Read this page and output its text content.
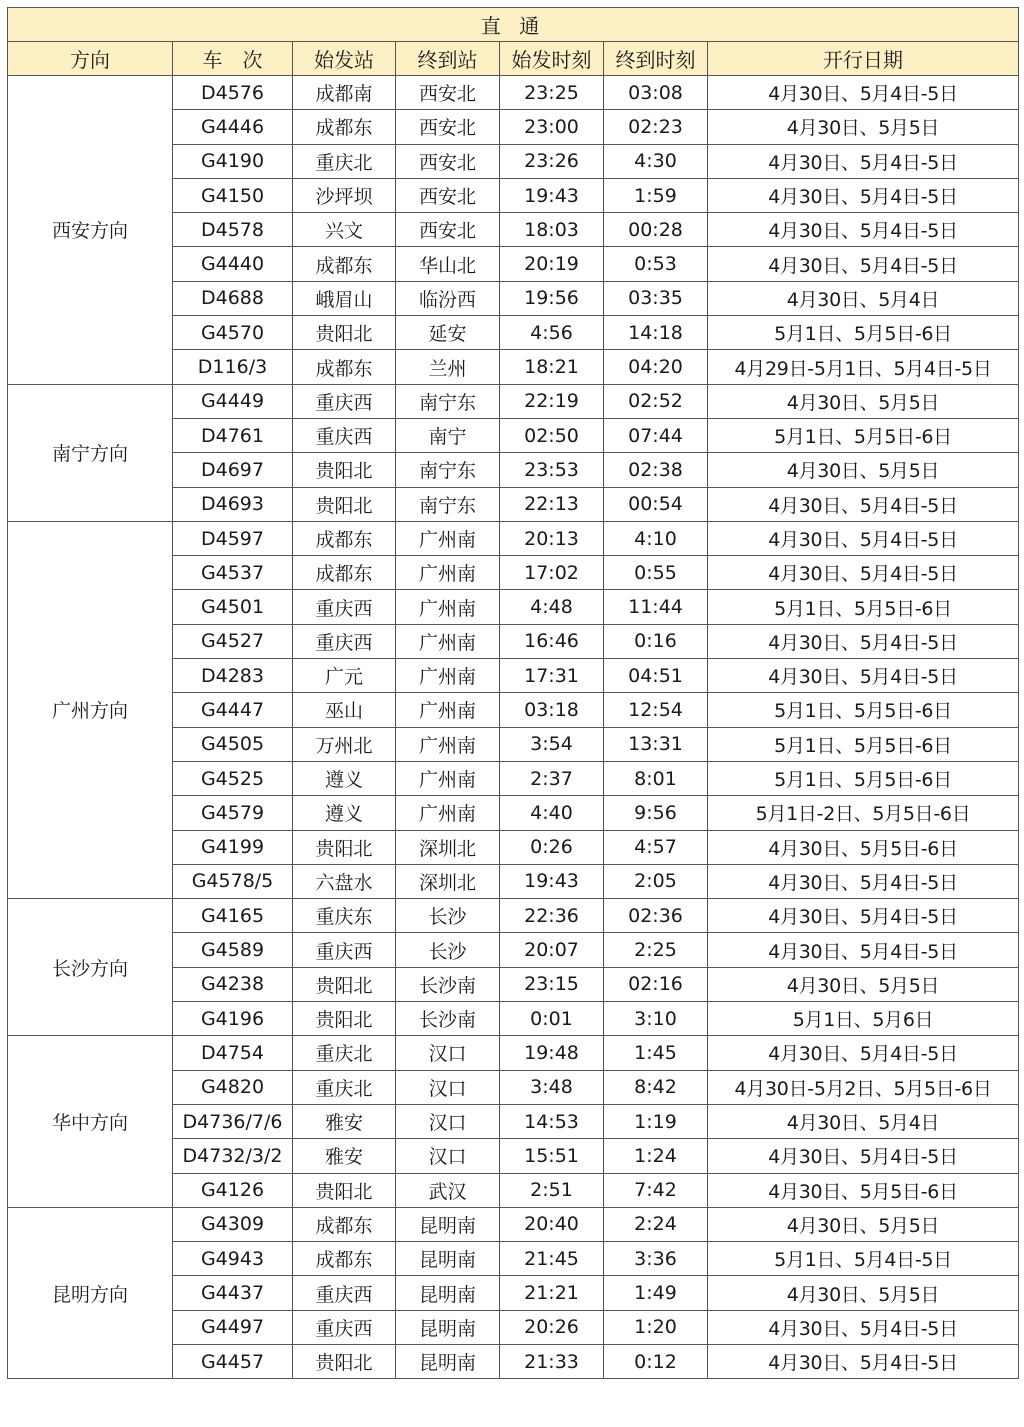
直 通						
方向	车　次	始发站	终到站	始发时刻	终到时刻	开行日期
西安方向	D4576	成都南	西安北	23:25	03:08	4月30日、5月4日-5日
	G4446	成都东	西安北	23:00	02:23	4月30日、5月5日
	G4190	重庆北	西安北	23:26	4:30	4月30日、5月4日-5日
	G4150	沙坪坝	西安北	19:43	1:59	4月30日、5月4日-5日
	D4578	兴文	西安北	18:03	00:28	4月30日、5月4日-5日
	G4440	成都东	华山北	20:19	0:53	4月30日、5月4日-5日
	D4688	峨眉山	临汾西	19:56	03:35	4月30日、5月4日
	G4570	贵阳北	延安	4:56	14:18	5月1日、5月5日-6日
	D116/3	成都东	兰州	18:21	04:20	4月29日-5月1日、5月4日-5日
南宁方向	G4449	重庆西	南宁东	22:19	02:52	4月30日、5月5日
	D4761	重庆西	南宁	02:50	07:44	5月1日、5月5日-6日
	D4697	贵阳北	南宁东	23:53	02:38	4月30日、5月5日
	D4693	贵阳北	南宁东	22:13	00:54	4月30日、5月4日-5日
广州方向	D4597	成都东	广州南	20:13	4:10	4月30日、5月4日-5日
	G4537	成都东	广州南	17:02	0:55	4月30日、5月4日-5日
	G4501	重庆西	广州南	4:48	11:44	5月1日、5月5日-6日
	G4527	重庆西	广州南	16:46	0:16	4月30日、5月4日-5日
	D4283	广元	广州南	17:31	04:51	4月30日、5月4日-5日
	G4447	巫山	广州南	03:18	12:54	5月1日、5月5日-6日
	G4505	万州北	广州南	3:54	13:31	5月1日、5月5日-6日
	G4525	遵义	广州南	2:37	8:01	5月1日、5月5日-6日
	G4579	遵义	广州南	4:40	9:56	5月1日-2日、5月5日-6日
	G4199	贵阳北	深圳北	0:26	4:57	4月30日、5月5日-6日
	G4578/5	六盘水	深圳北	19:43	2:05	4月30日、5月4日-5日
长沙方向	G4165	重庆东	长沙	22:36	02:36	4月30日、5月4日-5日
	G4589	重庆西	长沙	20:07	2:25	4月30日、5月4日-5日
	G4238	贵阳北	长沙南	23:15	02:16	4月30日、5月5日
	G4196	贵阳北	长沙南	0:01	3:10	5月1日、5月6日
华中方向	D4754	重庆北	汉口	19:48	1:45	4月30日、5月4日-5日
	G4820	重庆北	汉口	3:48	8:42	4月30日-5月2日、5月5日-6日
	D4736/7/6	雅安	汉口	14:53	1:19	4月30日、5月4日
	D4732/3/2	雅安	汉口	15:51	1:24	4月30日、5月4日-5日
	G4126	贵阳北	武汉	2:51	7:42	4月30日、5月5日-6日
昆明方向	G4309	成都东	昆明南	20:40	2:24	4月30日、5月5日
	G4943	成都东	昆明南	21:45	3:36	5月1日、5月4日-5日
	G4437	重庆西	昆明南	21:21	1:49	4月30日、5月5日
	G4497	重庆西	昆明南	20:26	1:20	4月30日、5月4日-5日
	G4457	贵阳北	昆明南	21:33	0:12	4月30日、5月4日-5日
